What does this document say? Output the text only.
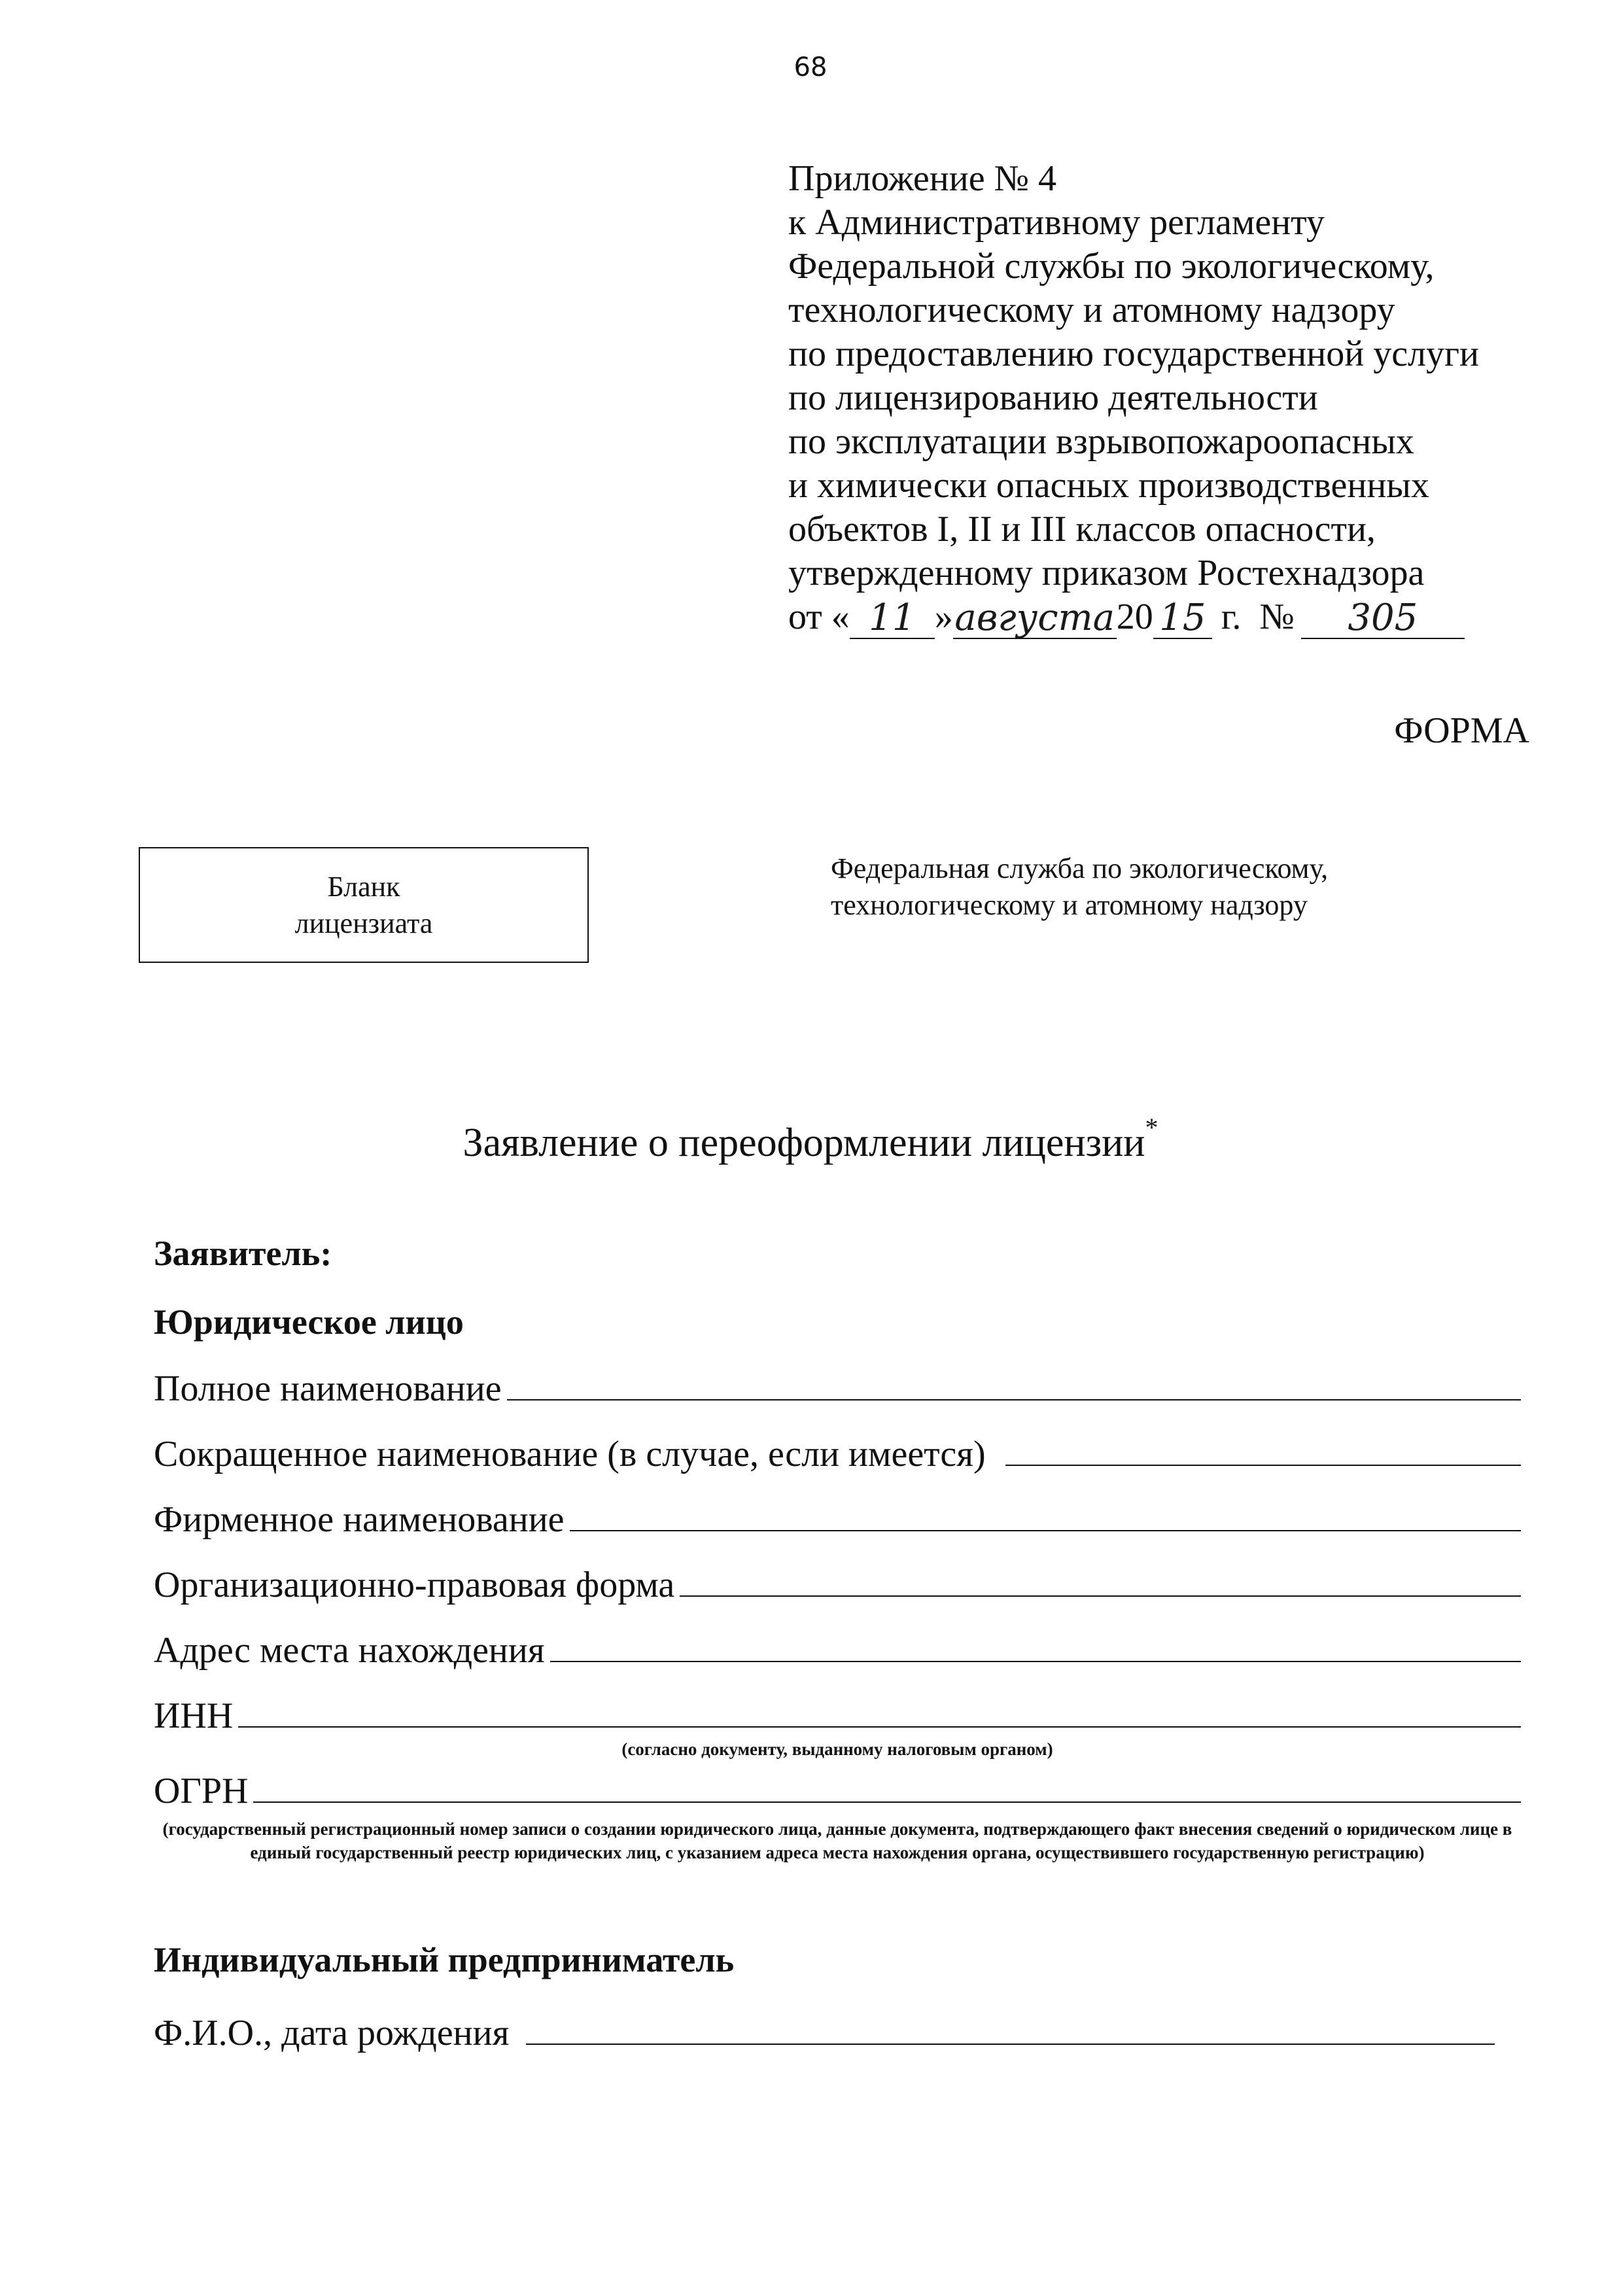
68
Приложение № 4
к Административному регламенту
Федеральной службы по экологическому,
технологическому и атомному надзору
по предоставлению государственной услуги
по лицензированию деятельности
по эксплуатации взрывопожароопасных
и химически опасных производственных
объектов I, II и III классов опасности,
утвержденному приказом Ростехнадзора
от « 11 » августа 20 15 г. №	305
ФОРМА
Бланк
лицензиата
Федеральная служба по экологическому,
технологическому и атомному надзору
Заявление о переоформлении лицензии*
Заявитель:
Юридическое лицо
Полное наименование
Сокращенное наименование (в случае, если имеется)
Фирменное наименование
Организационно-правовая форма
Адрес места нахождения
ИНН
(согласно документу, выданному налоговым органом)
ОГРН
(государственный регистрационный номер записи о создании юридического лица, данные документа, подтверждающего факт внесения сведений о юридическом лице в единый государственный реестр юридических лиц, с указанием адреса места нахождения органа, осуществившего государственную регистрацию)
Индивидуальный предприниматель
Ф.И.О., дата рождения
